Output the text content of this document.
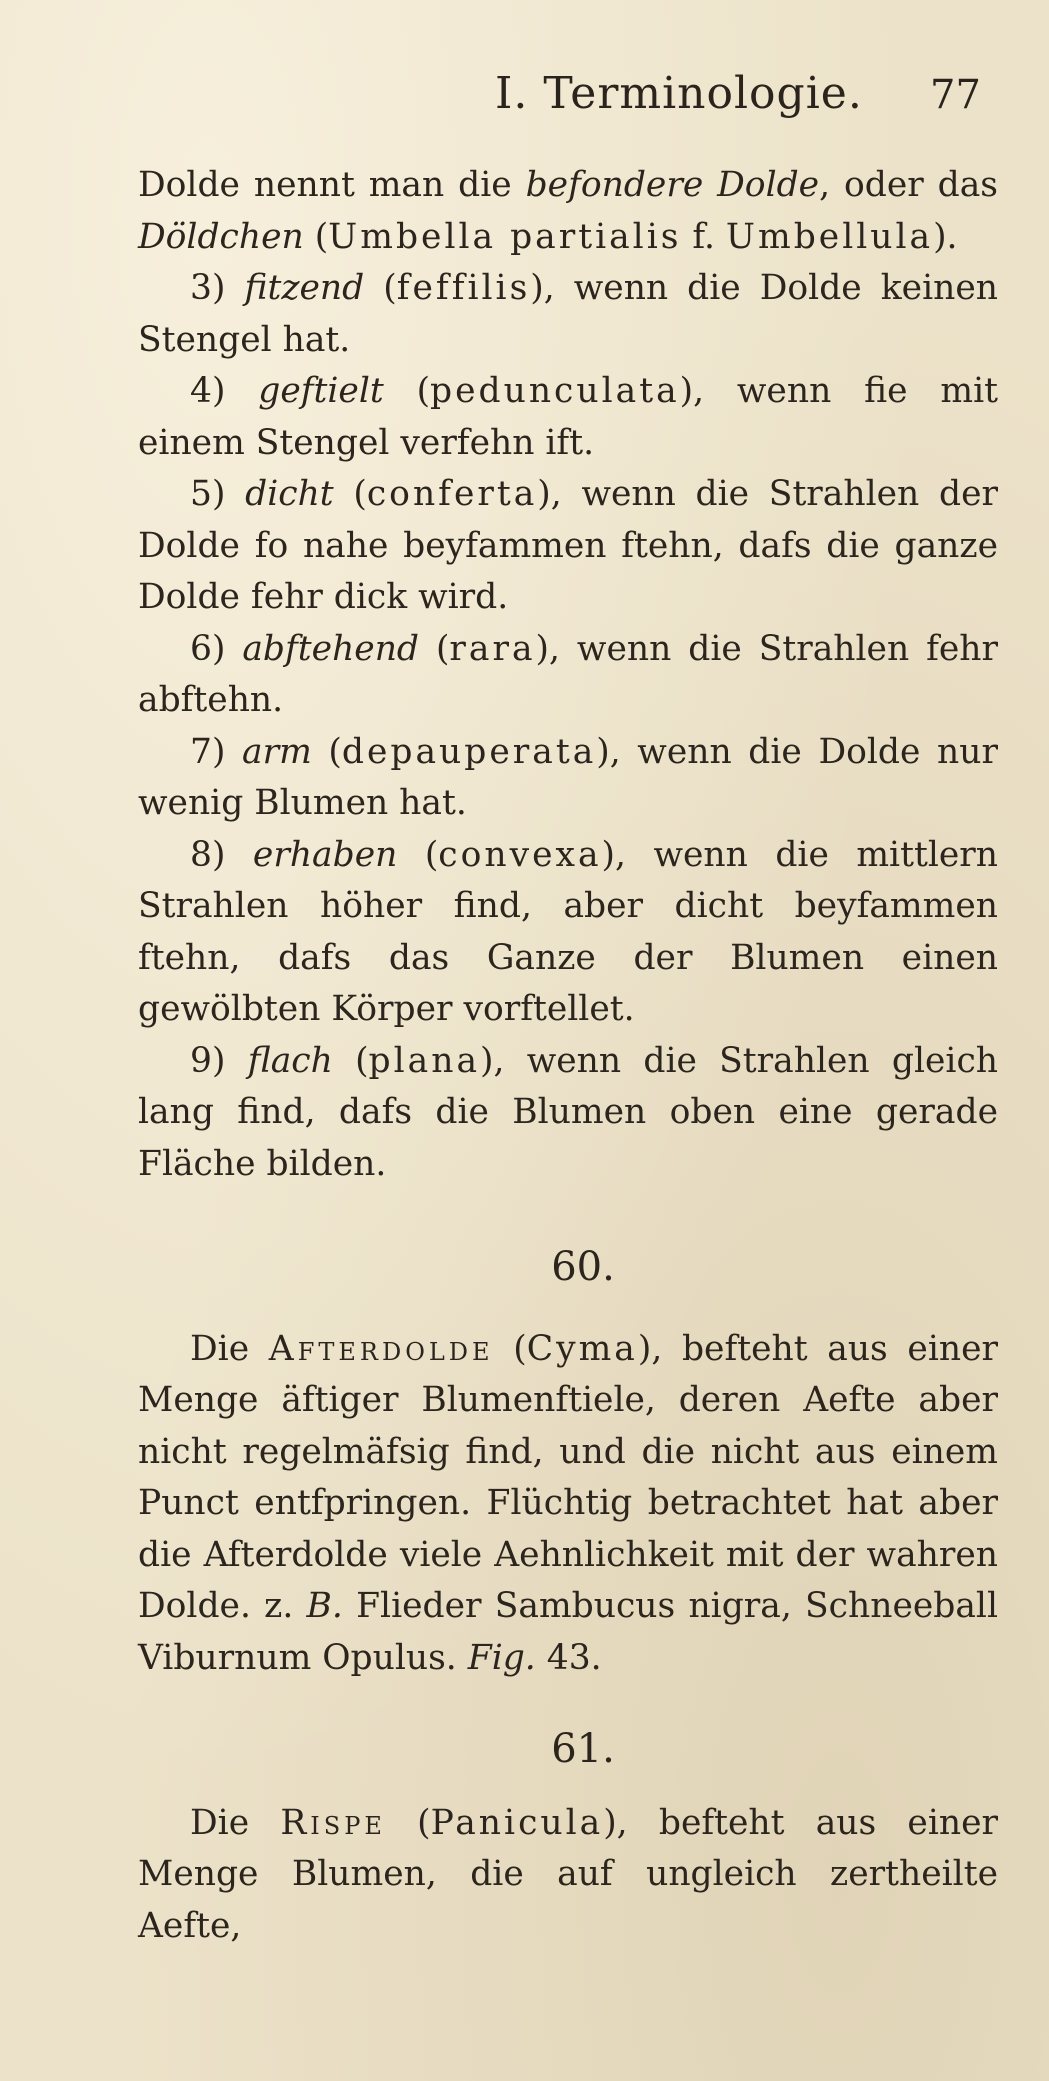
I. Terminologie. 77

Dolde nennt man die befondere Dolde, oder das Döldchen (Umbella partialis f. Umbellula).

3) fitzend (feffilis), wenn die Dolde keinen Stengel hat.

4) geftielt (pedunculata), wenn fie mit einem Stengel verfehn ift.

5) dicht (conferta), wenn die Strahlen der Dolde fo nahe beyfammen ftehn, dafs die ganze Dolde fehr dick wird.

6) abftehend (rara), wenn die Strahlen fehr abftehn.

7) arm (depauperata), wenn die Dolde nur wenig Blumen hat.

8) erhaben (convexa), wenn die mittlern Strahlen höher find, aber dicht beyfammen ftehn, dafs das Ganze der Blumen einen gewölbten Körper vorftellet.

9) flach (plana), wenn die Strahlen gleich lang find, dafs die Blumen oben eine gerade Fläche bilden.

60.

Die Afterdolde (Cyma), befteht aus einer Menge äftiger Blumenftiele, deren Aefte aber nicht regelmäfsig find, und die nicht aus einem Punct entfpringen. Flüchtig betrachtet hat aber die Afterdolde viele Aehnlichkeit mit der wahren Dolde. z. B. Flieder Sambucus nigra, Schneeball Viburnum Opulus. Fig. 43.

61.

Die Rispe (Panicula), befteht aus einer Menge Blumen, die auf ungleich zertheilte Aefte,
